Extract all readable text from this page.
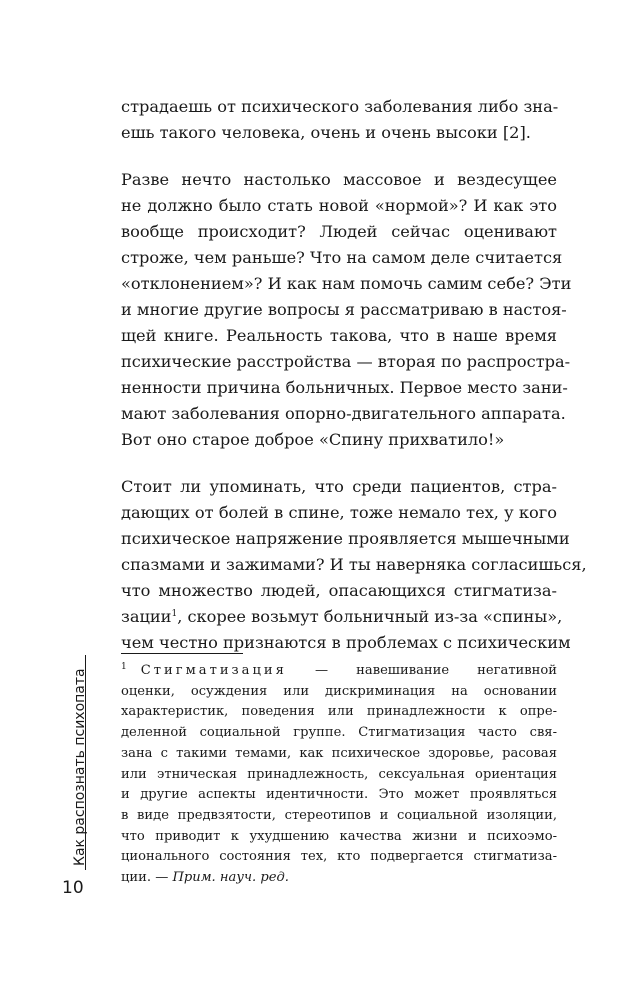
страдаешь от психического заболевания либо зна-
ешь такого человека, очень и очень высоки [2].

Разве нечто настолько массовое и вездесущее
не должно было стать новой «нормой»? И как это
вообще происходит? Людей сейчас оценивают
строже, чем раньше? Что на самом деле считается
«отклонением»? И как нам помочь самим себе? Эти
и многие другие вопросы я рассматриваю в настоя-
щей книге. Реальность такова, что в наше время
психические расстройства — вторая по распростра-
ненности причина больничных. Первое место зани-
мают заболевания опорно-двигательного аппарата.
Вот оно старое доброе «Спину прихватило!»

Стоит ли упоминать, что среди пациентов, стра-
дающих от болей в спине, тоже немало тех, у кого
психическое напряжение проявляется мышечными
спазмами и зажимами? И ты наверняка согласишься,
что множество людей, опасающихся стигматиза-
зации$^1$, скорее возьмут больничный из-за «спины»,
чем честно признаются в проблемах с психическим

$^1$ Стигматизация — навешивание негативной
оценки, осуждения или дискриминация на основании
характеристик, поведения или принадлежности к опре-
деленной социальной группе. Стигматизация часто свя-
зана с такими темами, как психическое здоровье, расовая
или этническая принадлежность, сексуальная ориентация
и другие аспекты идентичности. Это может проявляться
в виде предвзятости, стереотипов и социальной изоляции,
что приводит к ухудшению качества жизни и психоэмо-
ционального состояния тех, кто подвергается стигматиза-
ции. — Прим. науч. ред.
Как распознать психопата
10
